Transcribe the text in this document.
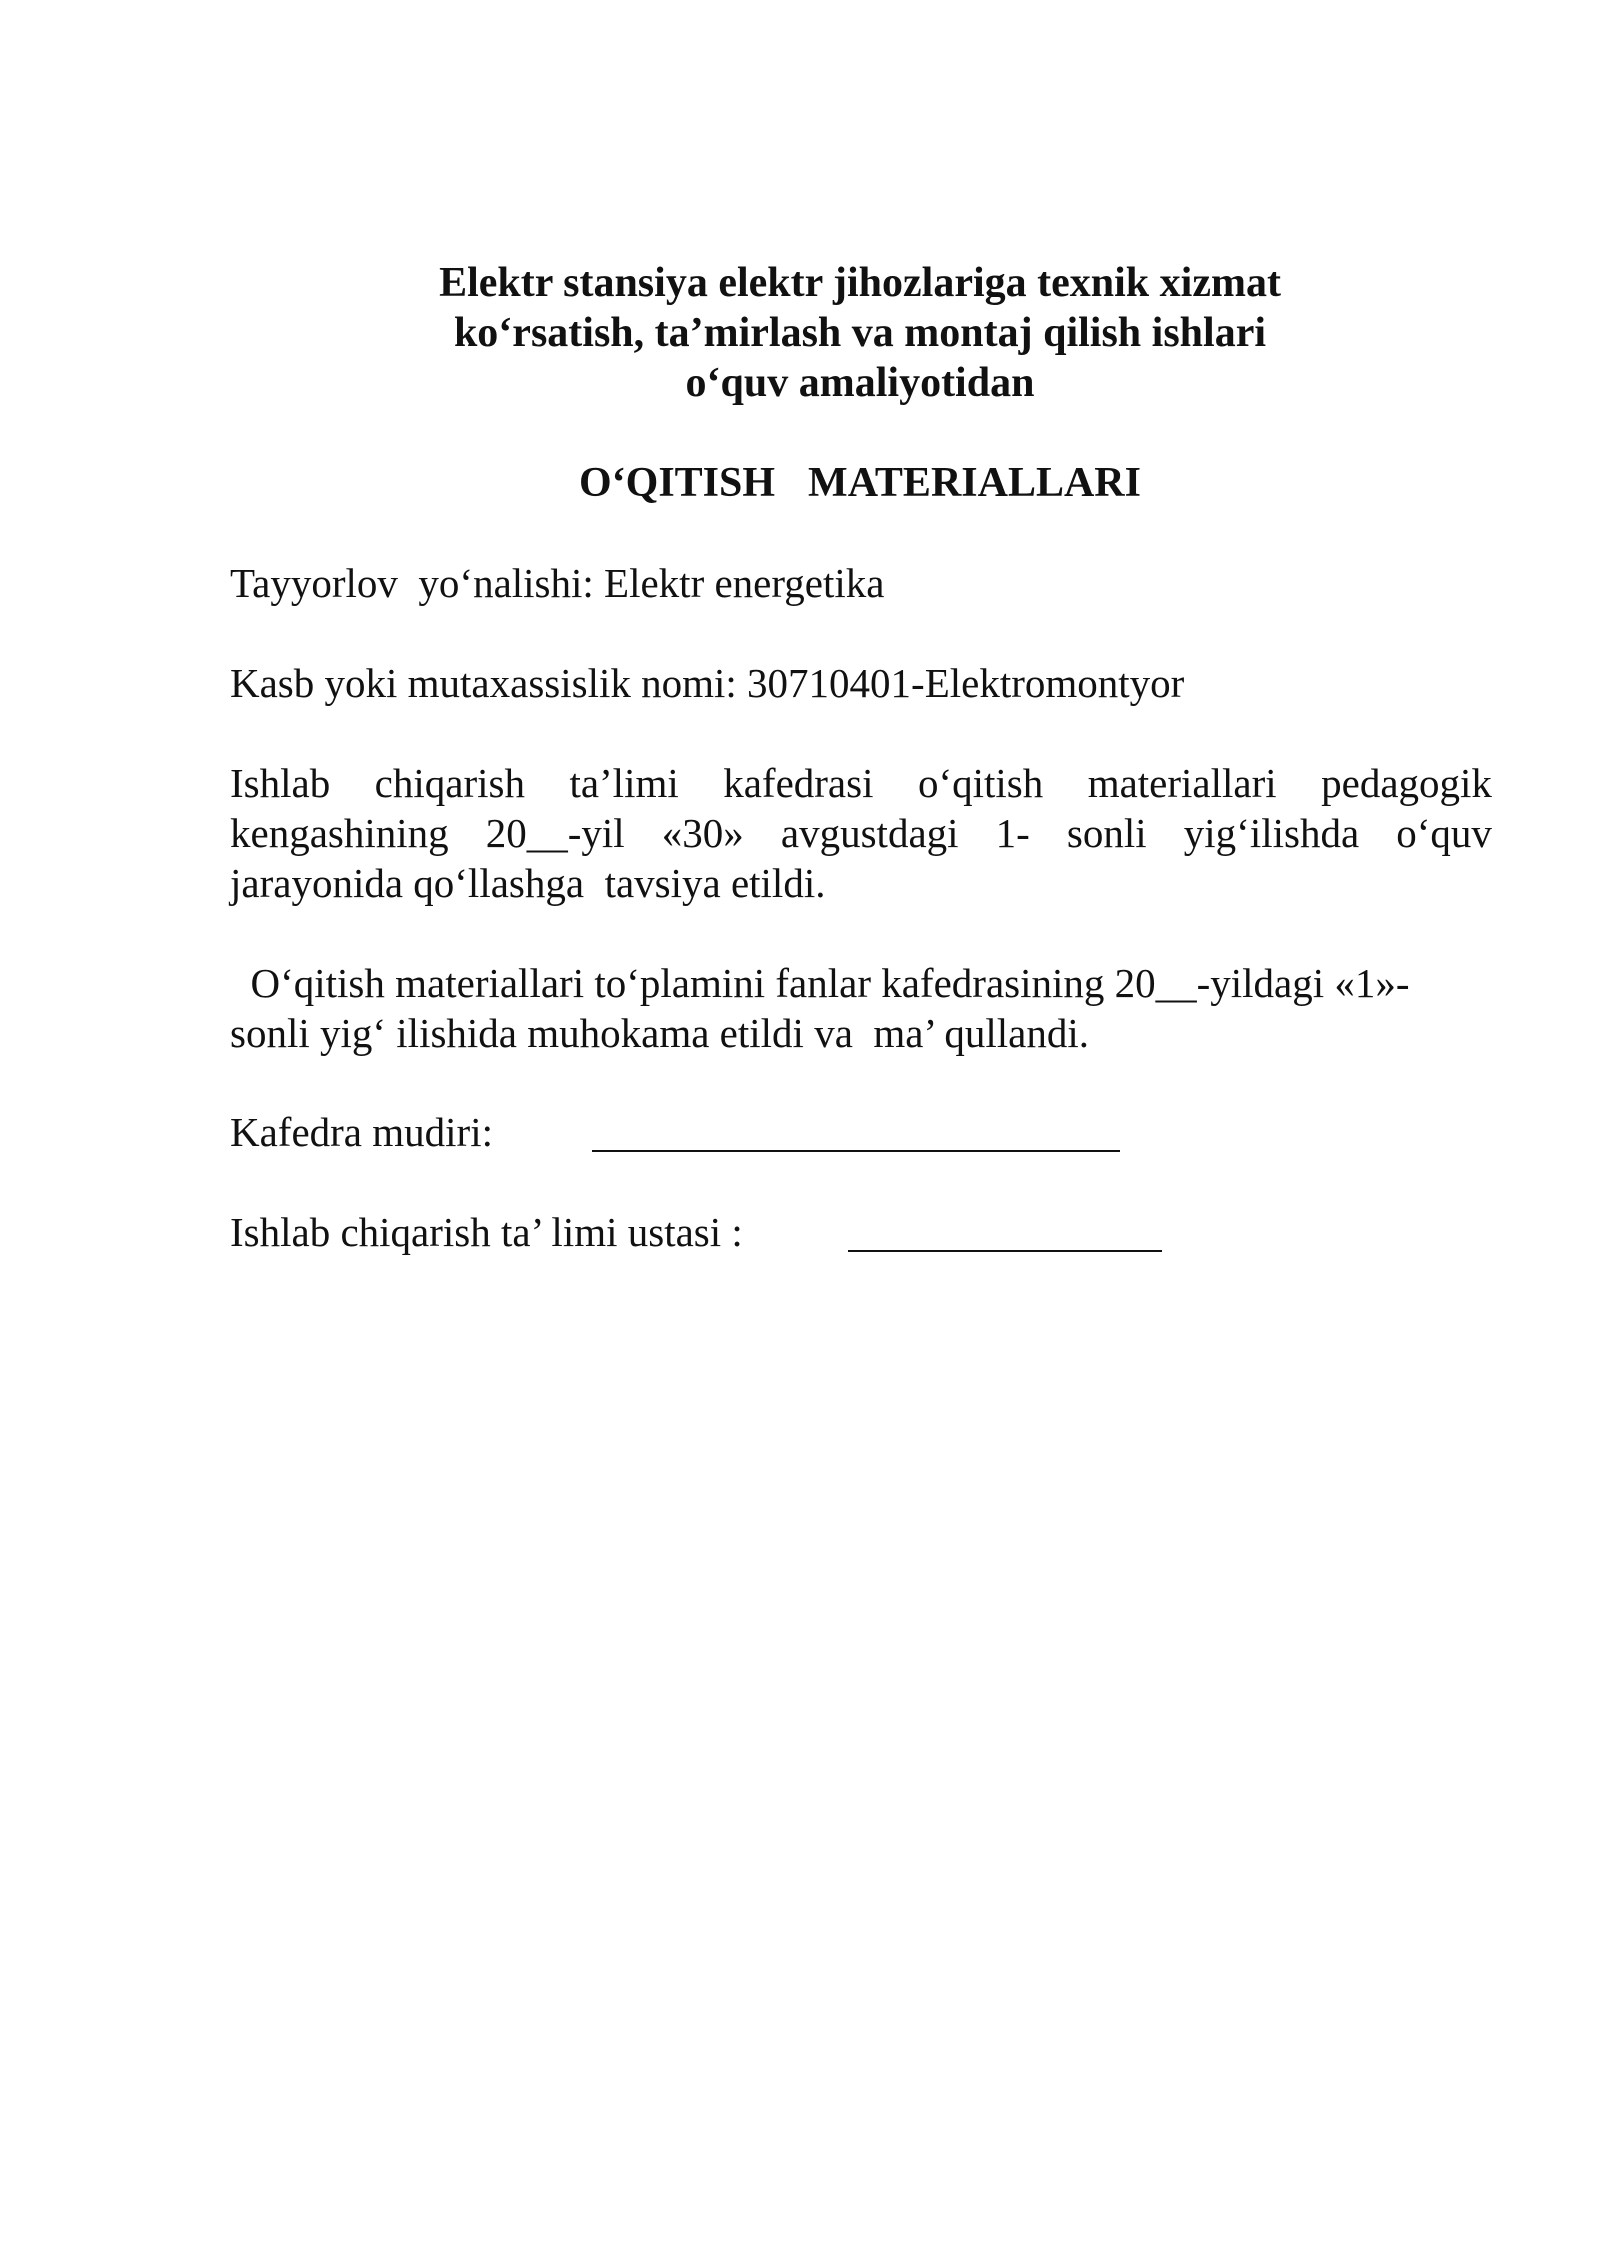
Elektr stansiya elektr jihozlariga texnik xizmat
ko‘rsatish, ta’mirlash va montaj qilish ishlari
o‘quv amaliyotidan
O‘QITISH  MATERIALLARI
Tayyorlov  yo‘nalishi: Elektr energetika
Kasb yoki mutaxassislik nomi: 30710401-Elektromontyor
Ishlab chiqarish ta’limi kafedrasi o‘qitish materiallari pedagogik
kengashining 20__-yil «30» avgustdagi 1- sonli yig‘ilishda o‘quv
jarayonida qo‘llashga  tavsiya etildi.
O‘qitish materiallari to‘plamini fanlar kafedrasining 20__-yildagi «1»-
sonli yig‘ ilishida muhokama etildi va  ma’ qullandi.
Kafedra mudiri:
Ishlab chiqarish ta’ limi ustasi :
